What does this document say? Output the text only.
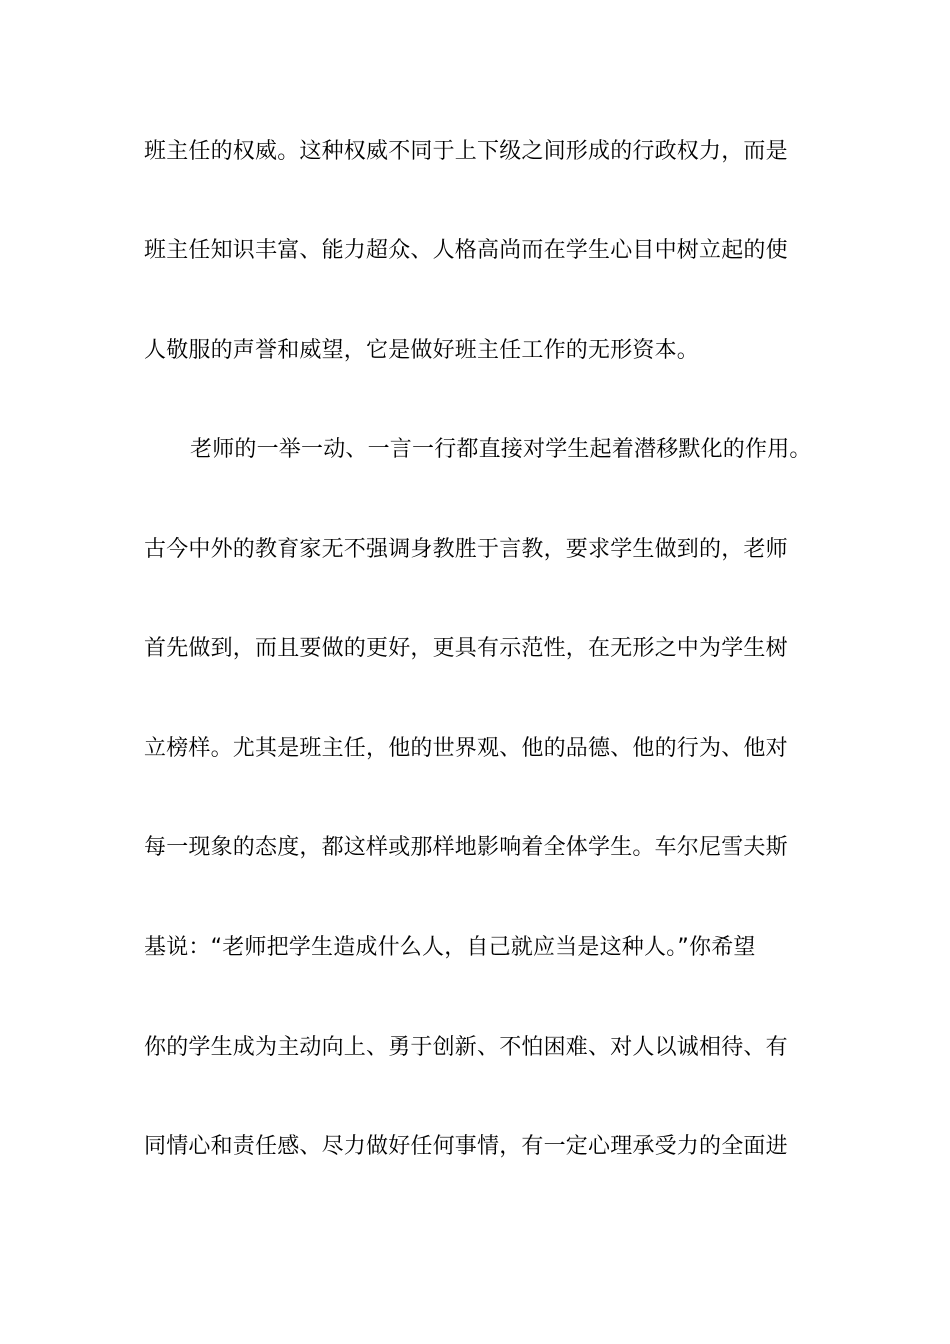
班主任的权威。这种权威不同于上下级之间形成的行政权力，而是
班主任知识丰富、能力超众、人格高尚而在学生心目中树立起的使
人敬服的声誉和威望，它是做好班主任工作的无形资本。
老师的一举一动、一言一行都直接对学生起着潜移默化的作用。
古今中外的教育家无不强调身教胜于言教，要求学生做到的，老师
首先做到，而且要做的更好，更具有示范性，在无形之中为学生树
立榜样。尤其是班主任，他的世界观、他的品德、他的行为、他对
每一现象的态度，都这样或那样地影响着全体学生。车尔尼雪夫斯
基说：“老师把学生造成什么人，自己就应当是这种人。”你希望
你的学生成为主动向上、勇于创新、不怕困难、对人以诚相待、有
同情心和责任感、尽力做好任何事情，有一定心理承受力的全面进
